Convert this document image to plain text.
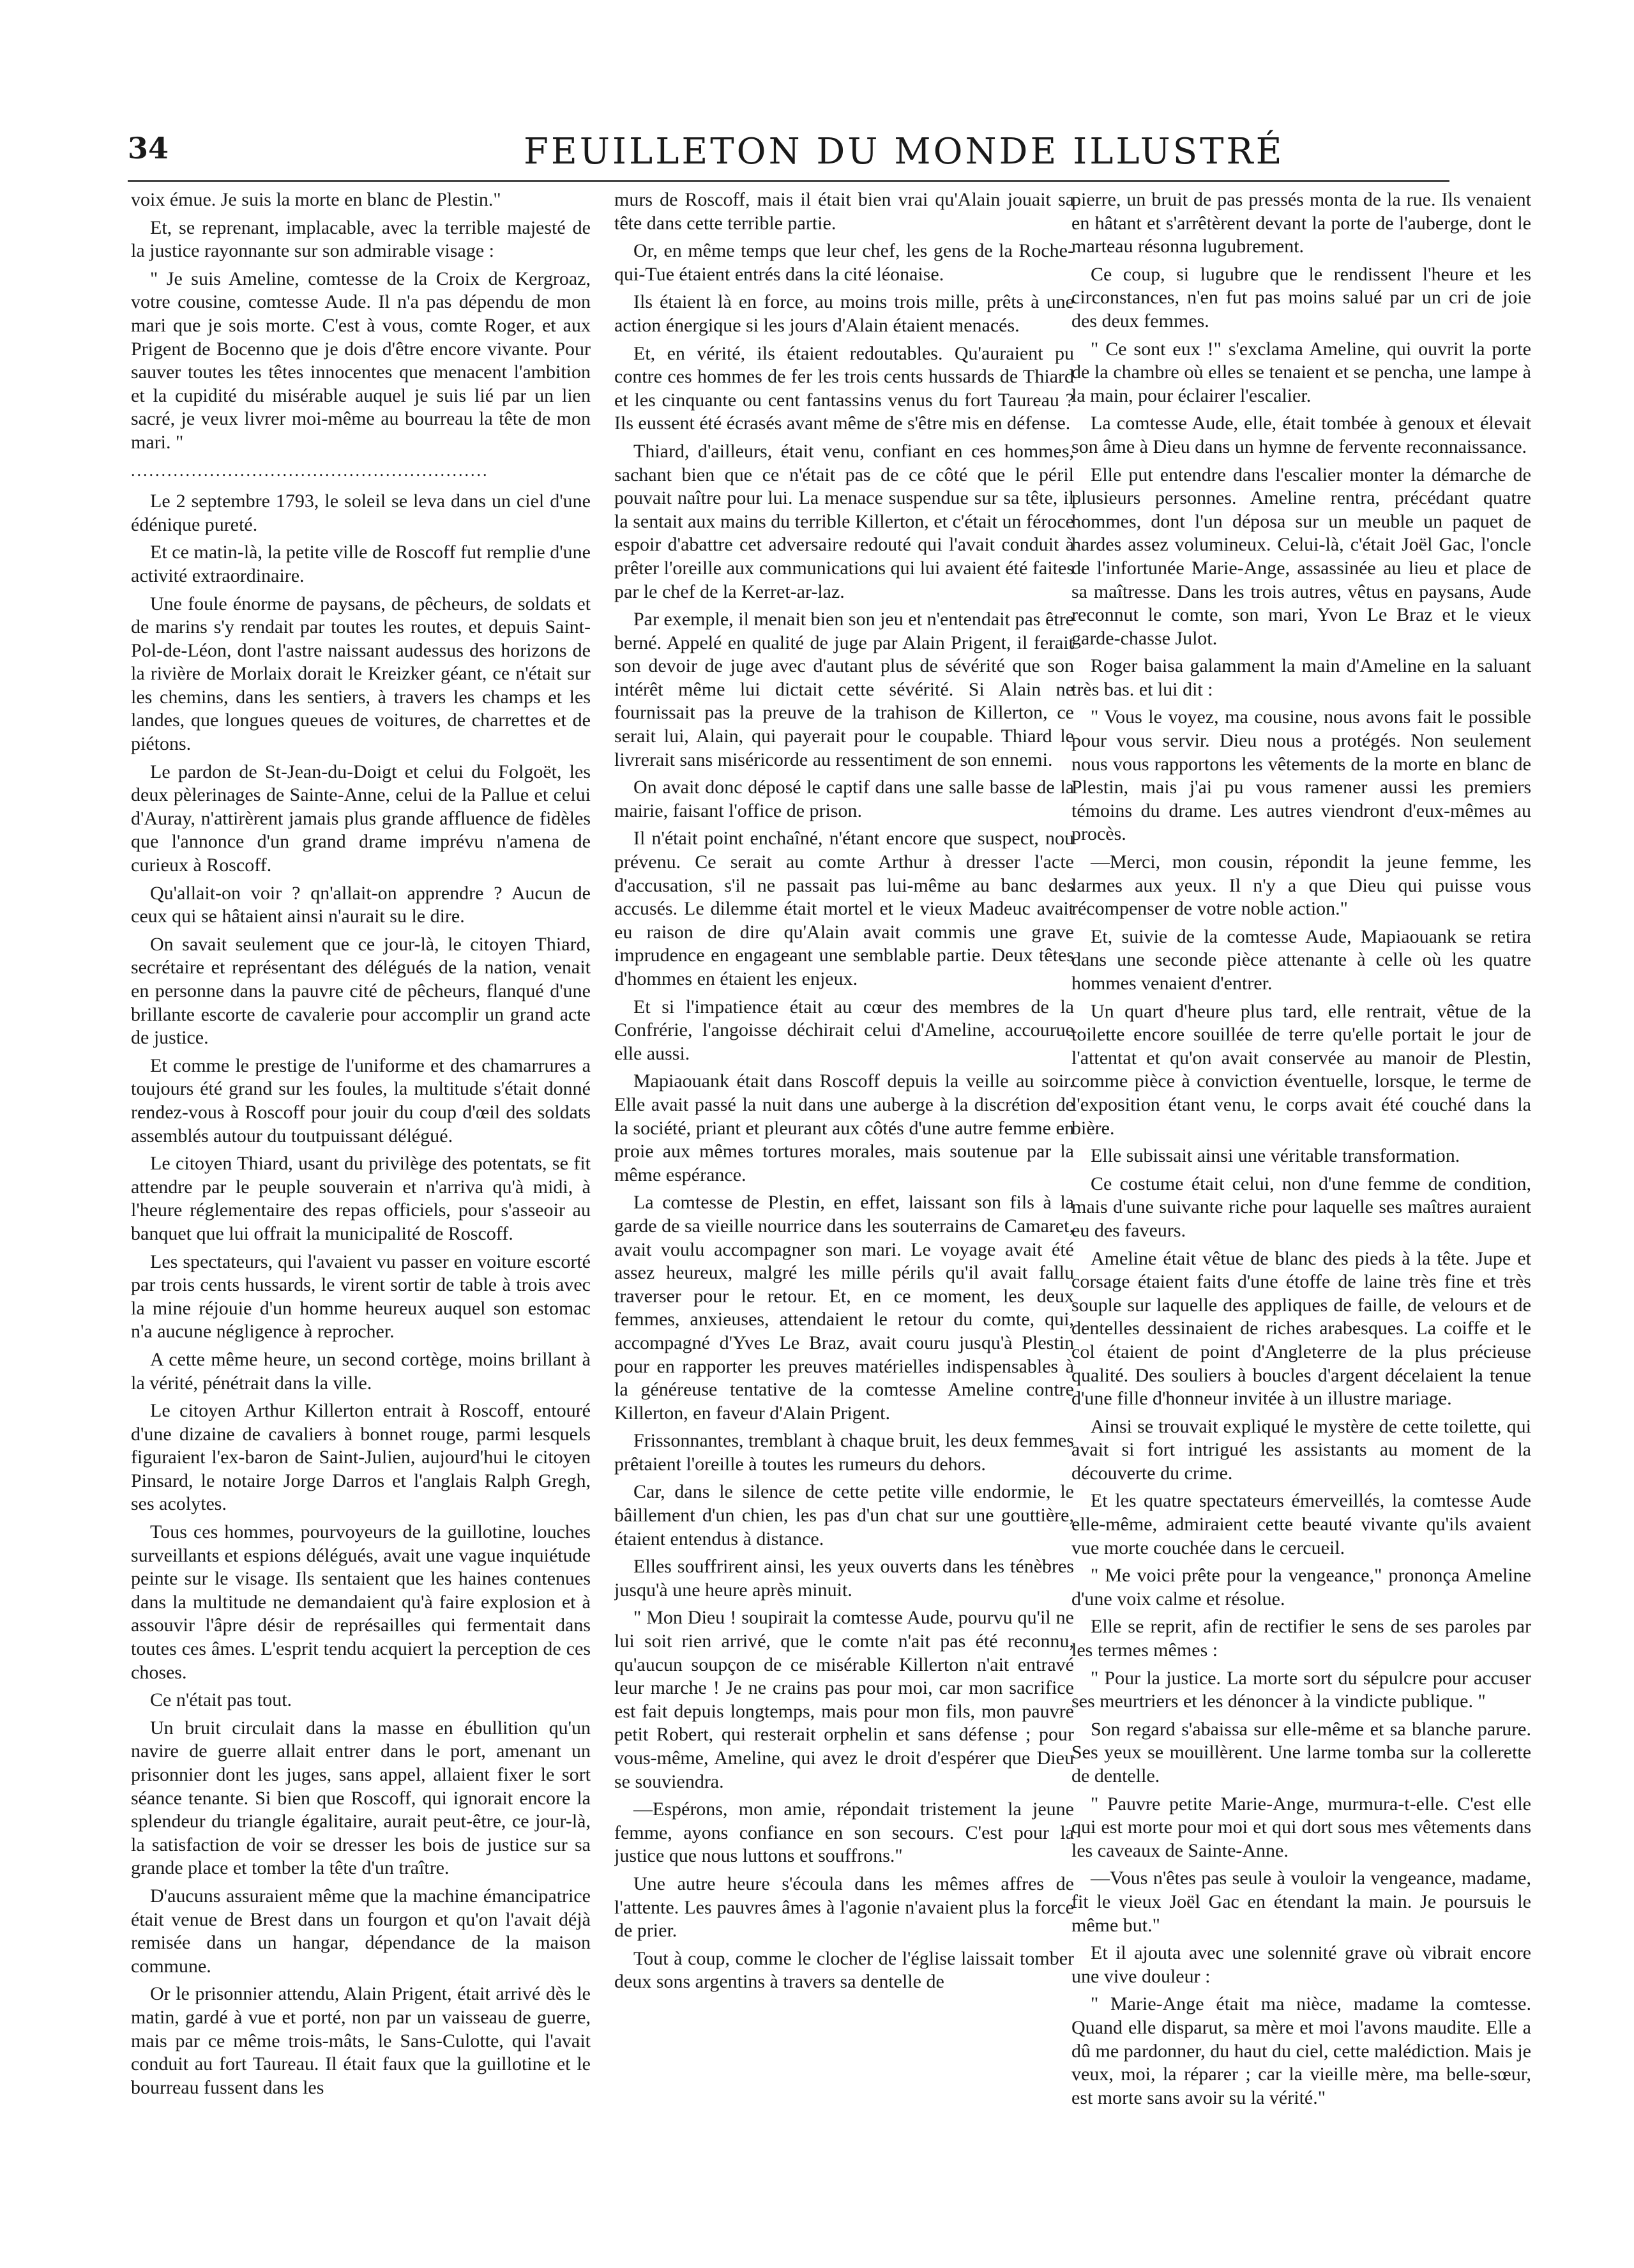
34	FEUILLETON DU MONDE ILLUSTRÉ

voix émue. Je suis la morte en blanc de Plestin."

Et, se reprenant, implacable, avec la terrible majesté de la justice rayonnante sur son admirable visage :

" Je suis Ameline, comtesse de la Croix de Kergroaz, votre cousine, comtesse Aude. Il n'a pas dépendu de mon mari que je sois morte. C'est à vous, comte Roger, et aux Prigent de Bocenno que je dois d'être encore vivante. Pour sauver toutes les têtes innocentes que menacent l'ambition et la cupidité du misérable auquel je suis lié par un lien sacré, je veux livrer moi-même au bourreau la tête de mon mari. "

...........................................................

Le 2 septembre 1793, le soleil se leva dans un ciel d'une édénique pureté.

Et ce matin-là, la petite ville de Roscoff fut remplie d'une activité extraordinaire.

Une foule énorme de paysans, de pêcheurs, de soldats et de marins s'y rendait par toutes les routes, et depuis Saint-Pol-de-Léon, dont l'astre naissant audessus des horizons de la rivière de Morlaix dorait le Kreizker géant, ce n'était sur les chemins, dans les sentiers, à travers les champs et les landes, que longues queues de voitures, de charrettes et de piétons.

Le pardon de St-Jean-du-Doigt et celui du Folgoët, les deux pèlerinages de Sainte-Anne, celui de la Pallue et celui d'Auray, n'attirèrent jamais plus grande affluence de fidèles que l'annonce d'un grand drame imprévu n'amena de curieux à Roscoff.

Qu'allait-on voir ? qn'allait-on apprendre ? Aucun de ceux qui se hâtaient ainsi n'aurait su le dire.

On savait seulement que ce jour-là, le citoyen Thiard, secrétaire et représentant des délégués de la nation, venait en personne dans la pauvre cité de pêcheurs, flanqué d'une brillante escorte de cavalerie pour accomplir un grand acte de justice.

Et comme le prestige de l'uniforme et des chamarrures a toujours été grand sur les foules, la multitude s'était donné rendez-vous à Roscoff pour jouir du coup d'œil des soldats assemblés autour du toutpuissant délégué.

Le citoyen Thiard, usant du privilège des potentats, se fit attendre par le peuple souverain et n'arriva qu'à midi, à l'heure réglementaire des repas officiels, pour s'asseoir au banquet que lui offrait la municipalité de Roscoff.

Les spectateurs, qui l'avaient vu passer en voiture escorté par trois cents hussards, le virent sortir de table à trois avec la mine réjouie d'un homme heureux auquel son estomac n'a aucune négligence à reprocher.

A cette même heure, un second cortège, moins brillant à la vérité, pénétrait dans la ville.

Le citoyen Arthur Killerton entrait à Roscoff, entouré d'une dizaine de cavaliers à bonnet rouge, parmi lesquels figuraient l'ex-baron de Saint-Julien, aujourd'hui le citoyen Pinsard, le notaire Jorge Darros et l'anglais Ralph Gregh, ses acolytes.

Tous ces hommes, pourvoyeurs de la guillotine, louches surveillants et espions délégués, avait une vague inquiétude peinte sur le visage. Ils sentaient que les haines contenues dans la multitude ne demandaient qu'à faire explosion et à assouvir l'âpre désir de représailles qui fermentait dans toutes ces âmes. L'esprit tendu acquiert la perception de ces choses.

Ce n'était pas tout.

Un bruit circulait dans la masse en ébullition qu'un navire de guerre allait entrer dans le port, amenant un prisonnier dont les juges, sans appel, allaient fixer le sort séance tenante. Si bien que Roscoff, qui ignorait encore la splendeur du triangle égalitaire, aurait peut-être, ce jour-là, la satisfaction de voir se dresser les bois de justice sur sa grande place et tomber la tête d'un traître.

D'aucuns assuraient même que la machine émancipatrice était venue de Brest dans un fourgon et qu'on l'avait déjà remisée dans un hangar, dépendance de la maison commune.

Or le prisonnier attendu, Alain Prigent, était arrivé dès le matin, gardé à vue et porté, non par un vaisseau de guerre, mais par ce même trois-mâts, le Sans-Culotte, qui l'avait conduit au fort Taureau. Il était faux que la guillotine et le bourreau fussent dans les

murs de Roscoff, mais il était bien vrai qu'Alain jouait sa tête dans cette terrible partie.

Or, en même temps que leur chef, les gens de la Roche-qui-Tue étaient entrés dans la cité léonaise.

Ils étaient là en force, au moins trois mille, prêts à une action énergique si les jours d'Alain étaient menacés.

Et, en vérité, ils étaient redoutables. Qu'auraient pu contre ces hommes de fer les trois cents hussards de Thiard et les cinquante ou cent fantassins venus du fort Taureau ? Ils eussent été écrasés avant même de s'être mis en défense.

Thiard, d'ailleurs, était venu, confiant en ces hommes, sachant bien que ce n'était pas de ce côté que le péril pouvait naître pour lui. La menace suspendue sur sa tête, il la sentait aux mains du terrible Killerton, et c'était un féroce espoir d'abattre cet adversaire redouté qui l'avait conduit à prêter l'oreille aux communications qui lui avaient été faites par le chef de la Kerret-ar-laz.

Par exemple, il menait bien son jeu et n'entendait pas être berné. Appelé en qualité de juge par Alain Prigent, il ferait son devoir de juge avec d'autant plus de sévérité que son intérêt même lui dictait cette sévérité. Si Alain ne fournissait pas la preuve de la trahison de Killerton, ce serait lui, Alain, qui payerait pour le coupable. Thiard le livrerait sans miséricorde au ressentiment de son ennemi.

On avait donc déposé le captif dans une salle basse de la mairie, faisant l'office de prison.

Il n'était point enchaîné, n'étant encore que suspect, nou prévenu. Ce serait au comte Arthur à dresser l'acte d'accusation, s'il ne passait pas lui-même au banc des accusés. Le dilemme était mortel et le vieux Madeuc avait eu raison de dire qu'Alain avait commis une grave imprudence en engageant une semblable partie. Deux têtes d'hommes en étaient les enjeux.

Et si l'impatience était au cœur des membres de la Confrérie, l'angoisse déchirait celui d'Ameline, accourue elle aussi.

Mapiaouank était dans Roscoff depuis la veille au soir. Elle avait passé la nuit dans une auberge à la discrétion de la société, priant et pleurant aux côtés d'une autre femme en proie aux mêmes tortures morales, mais soutenue par la même espérance.

La comtesse de Plestin, en effet, laissant son fils à la garde de sa vieille nourrice dans les souterrains de Camaret, avait voulu accompagner son mari. Le voyage avait été assez heureux, malgré les mille périls qu'il avait fallu traverser pour le retour. Et, en ce moment, les deux femmes, anxieuses, attendaient le retour du comte, qui, accompagné d'Yves Le Braz, avait couru jusqu'à Plestin pour en rapporter les preuves matérielles indispensables à la généreuse tentative de la comtesse Ameline contre Killerton, en faveur d'Alain Prigent.

Frissonnantes, tremblant à chaque bruit, les deux femmes prêtaient l'oreille à toutes les rumeurs du dehors.

Car, dans le silence de cette petite ville endormie, le bâillement d'un chien, les pas d'un chat sur une gouttière, étaient entendus à distance.

Elles souffrirent ainsi, les yeux ouverts dans les ténèbres jusqu'à une heure après minuit.

" Mon Dieu ! soupirait la comtesse Aude, pourvu qu'il ne lui soit rien arrivé, que le comte n'ait pas été reconnu, qu'aucun soupçon de ce misérable Killerton n'ait entravé leur marche ! Je ne crains pas pour moi, car mon sacrifice est fait depuis longtemps, mais pour mon fils, mon pauvre petit Robert, qui resterait orphelin et sans défense ; pour vous-même, Ameline, qui avez le droit d'espérer que Dieu se souviendra.

—Espérons, mon amie, répondait tristement la jeune femme, ayons confiance en son secours. C'est pour la justice que nous luttons et souffrons."

Une autre heure s'écoula dans les mêmes affres de l'attente. Les pauvres âmes à l'agonie n'avaient plus la force de prier.

Tout à coup, comme le clocher de l'église laissait tomber deux sons argentins à travers sa dentelle de

pierre, un bruit de pas pressés monta de la rue. Ils venaient en hâtant et s'arrêtèrent devant la porte de l'auberge, dont le marteau résonna lugubrement.

Ce coup, si lugubre que le rendissent l'heure et les circonstances, n'en fut pas moins salué par un cri de joie des deux femmes.

" Ce sont eux !" s'exclama Ameline, qui ouvrit la porte de la chambre où elles se tenaient et se pencha, une lampe à la main, pour éclairer l'escalier.

La comtesse Aude, elle, était tombée à genoux et élevait son âme à Dieu dans un hymne de fervente reconnaissance.

Elle put entendre dans l'escalier monter la démarche de plusieurs personnes. Ameline rentra, précédant quatre hommes, dont l'un déposa sur un meuble un paquet de hardes assez volumineux. Celui-là, c'était Joël Gac, l'oncle de l'infortunée Marie-Ange, assassinée au lieu et place de sa maîtresse. Dans les trois autres, vêtus en paysans, Aude reconnut le comte, son mari, Yvon Le Braz et le vieux garde-chasse Julot.

Roger baisa galamment la main d'Ameline en la saluant très bas. et lui dit :

" Vous le voyez, ma cousine, nous avons fait le possible pour vous servir. Dieu nous a protégés. Non seulement nous vous rapportons les vêtements de la morte en blanc de Plestin, mais j'ai pu vous ramener aussi les premiers témoins du drame. Les autres viendront d'eux-mêmes au procès.

—Merci, mon cousin, répondit la jeune femme, les larmes aux yeux. Il n'y a que Dieu qui puisse vous récompenser de votre noble action."

Et, suivie de la comtesse Aude, Mapiaouank se retira dans une seconde pièce attenante à celle où les quatre hommes venaient d'entrer.

Un quart d'heure plus tard, elle rentrait, vêtue de la toilette encore souillée de terre qu'elle portait le jour de l'attentat et qu'on avait conservée au manoir de Plestin, comme pièce à conviction éventuelle, lorsque, le terme de l'exposition étant venu, le corps avait été couché dans la bière.

Elle subissait ainsi une véritable transformation.

Ce costume était celui, non d'une femme de condition, mais d'une suivante riche pour laquelle ses maîtres auraient eu des faveurs.

Ameline était vêtue de blanc des pieds à la tête. Jupe et corsage étaient faits d'une étoffe de laine très fine et très souple sur laquelle des appliques de faille, de velours et de dentelles dessinaient de riches arabesques. La coiffe et le col étaient de point d'Angleterre de la plus précieuse qualité. Des souliers à boucles d'argent décelaient la tenue d'une fille d'honneur invitée à un illustre mariage.

Ainsi se trouvait expliqué le mystère de cette toilette, qui avait si fort intrigué les assistants au moment de la découverte du crime.

Et les quatre spectateurs émerveillés, la comtesse Aude elle-même, admiraient cette beauté vivante qu'ils avaient vue morte couchée dans le cercueil.

" Me voici prête pour la vengeance," prononça Ameline d'une voix calme et résolue.

Elle se reprit, afin de rectifier le sens de ses paroles par les termes mêmes :

" Pour la justice. La morte sort du sépulcre pour accuser ses meurtriers et les dénoncer à la vindicte publique. "

Son regard s'abaissa sur elle-même et sa blanche parure. Ses yeux se mouillèrent. Une larme tomba sur la collerette de dentelle.

" Pauvre petite Marie-Ange, murmura-t-elle. C'est elle qui est morte pour moi et qui dort sous mes vêtements dans les caveaux de Sainte-Anne.

—Vous n'êtes pas seule à vouloir la vengeance, madame, fit le vieux Joël Gac en étendant la main. Je poursuis le même but."

Et il ajouta avec une solennité grave où vibrait encore une vive douleur :

" Marie-Ange était ma nièce, madame la comtesse. Quand elle disparut, sa mère et moi l'avons maudite. Elle a dû me pardonner, du haut du ciel, cette malédiction. Mais je veux, moi, la réparer ; car la vieille mère, ma belle-sœur, est morte sans avoir su la vérité."
